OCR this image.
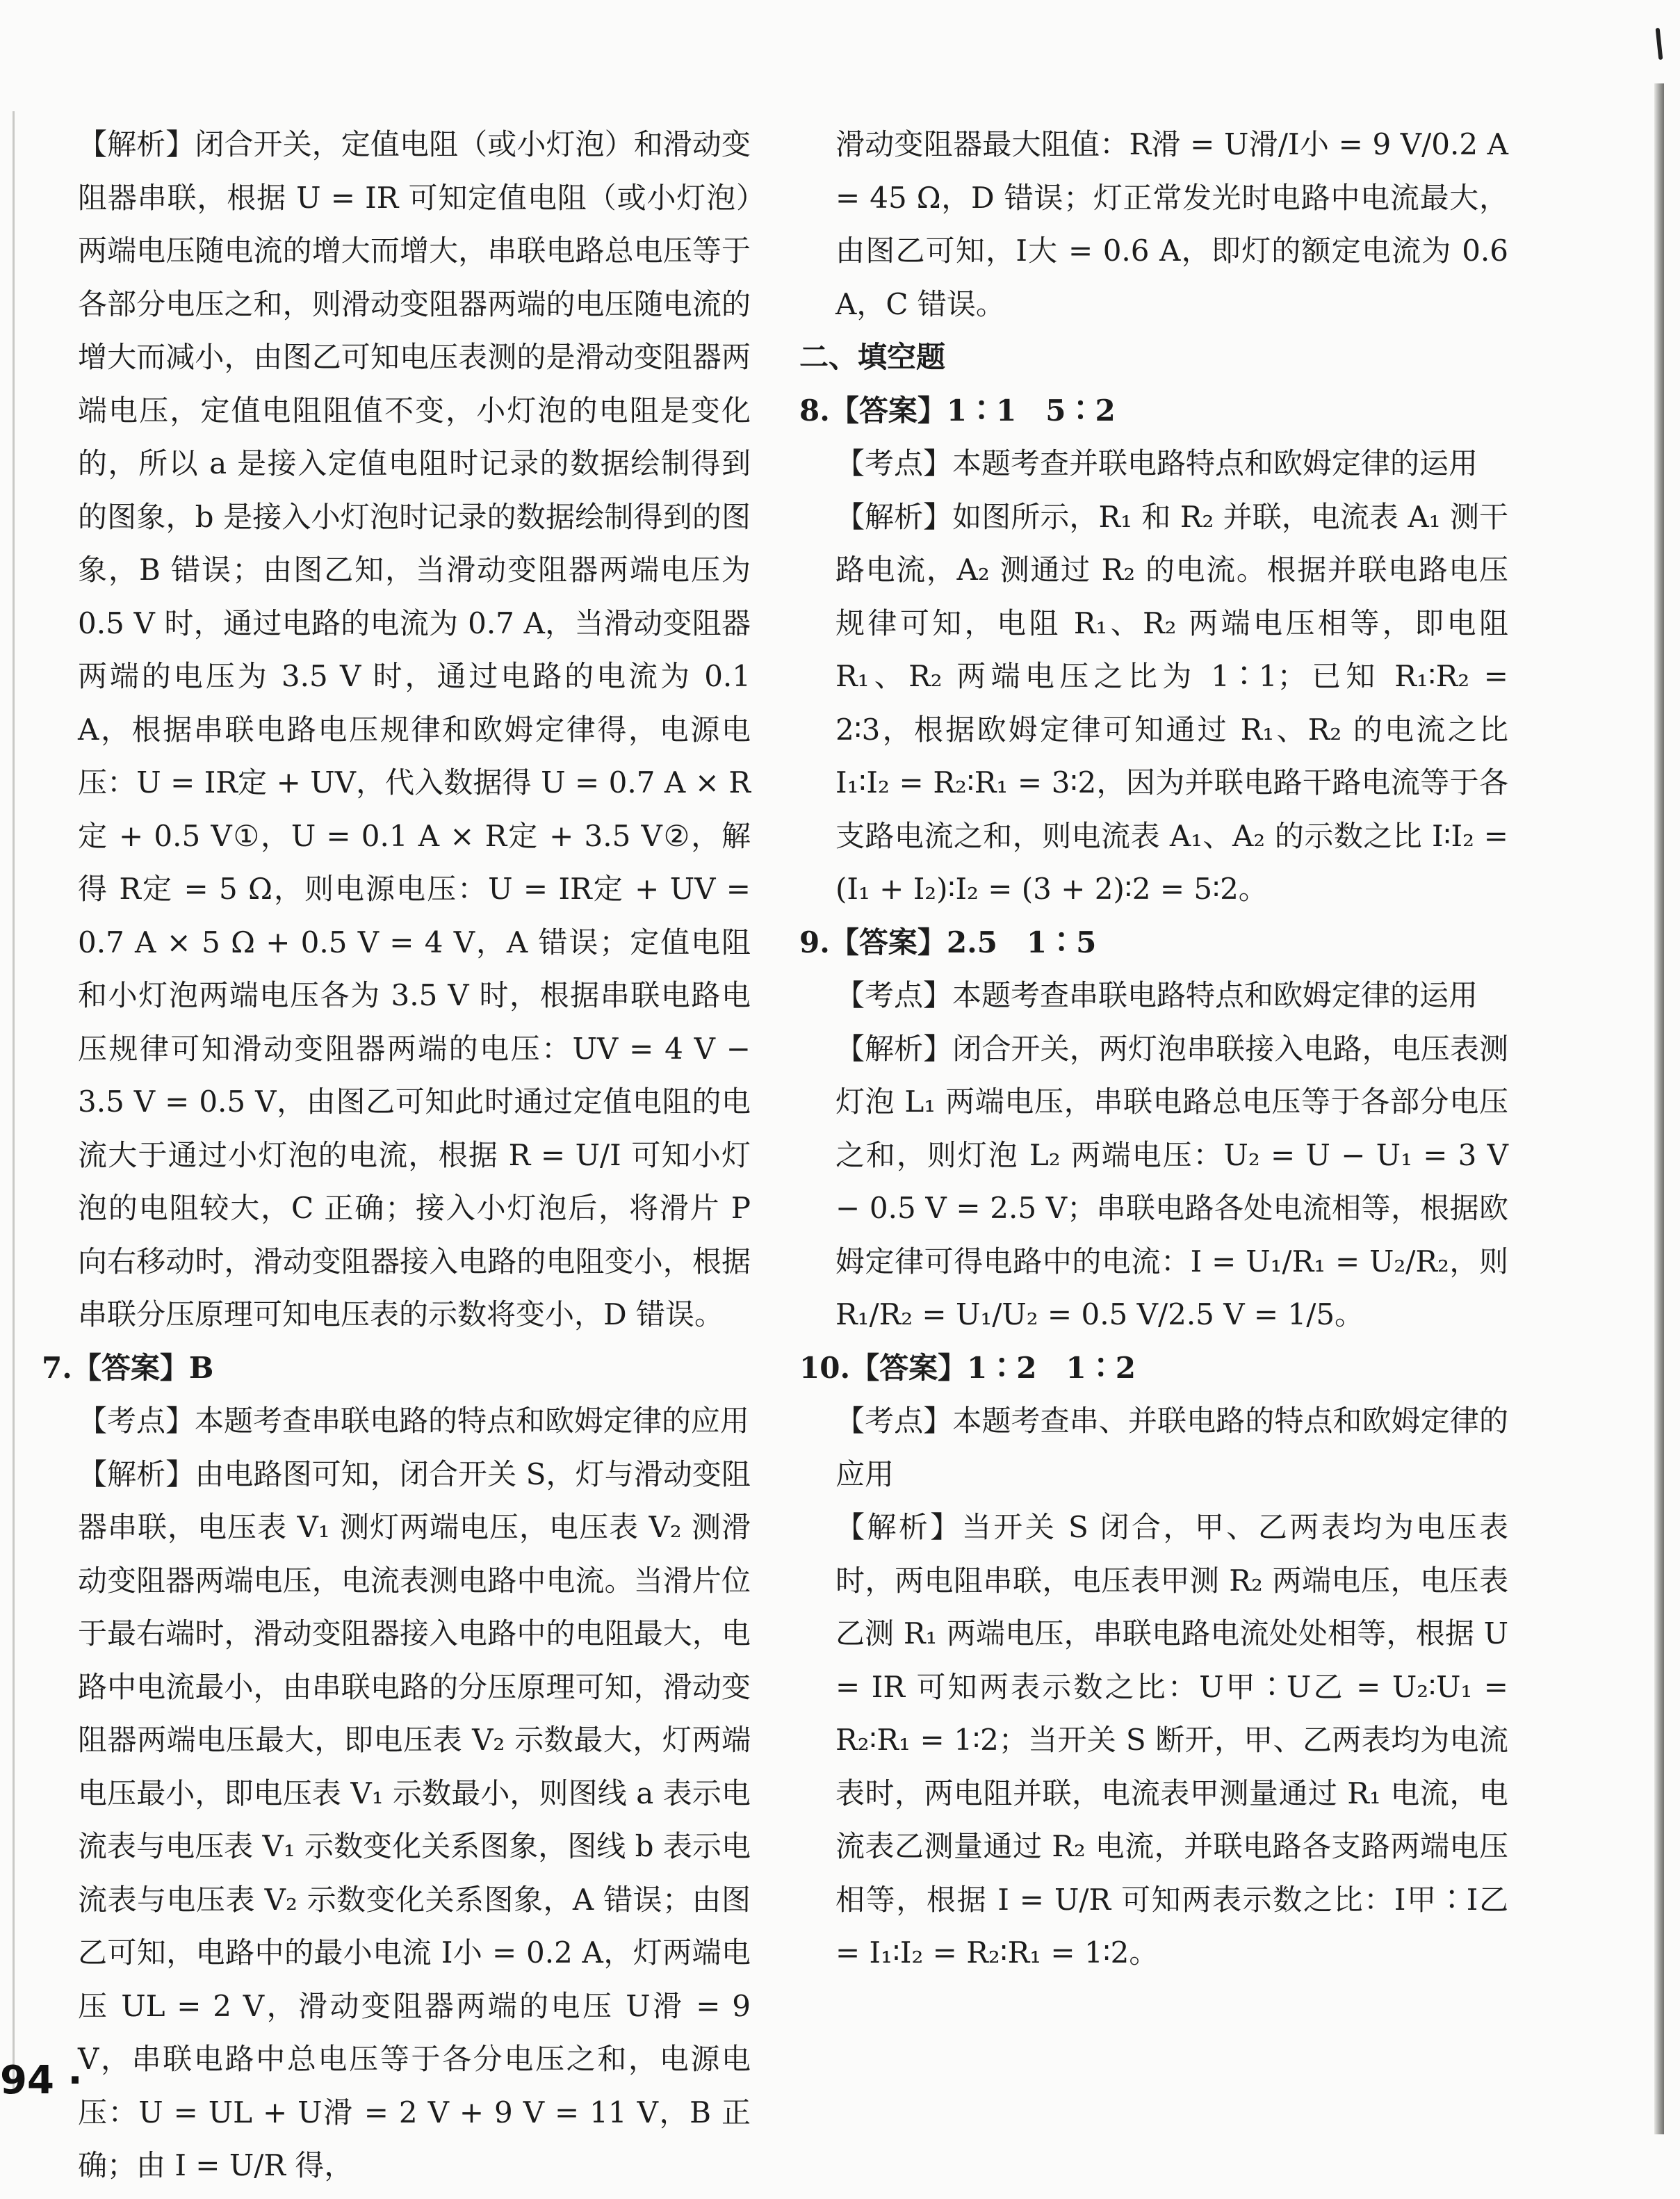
【解析】闭合开关，定值电阻（或小灯泡）和滑动变阻器串联，根据 U = IR 可知定值电阻（或小灯泡）两端电压随电流的增大而增大，串联电路总电压等于各部分电压之和，则滑动变阻器两端的电压随电流的增大而减小，由图乙可知电压表测的是滑动变阻器两端电压，定值电阻阻值不变，小灯泡的电阻是变化的，所以 a 是接入定值电阻时记录的数据绘制得到的图象，b 是接入小灯泡时记录的数据绘制得到的图象，B 错误；由图乙知，当滑动变阻器两端电压为 0.5 V 时，通过电路的电流为 0.7 A，当滑动变阻器两端的电压为 3.5 V 时，通过电路的电流为 0.1 A，根据串联电路电压规律和欧姆定律得，电源电压：U = IR定 + UV，代入数据得 U = 0.7 A × R定 + 0.5 V①，U = 0.1 A × R定 + 3.5 V②，解得 R定 = 5 Ω，则电源电压：U = IR定 + UV = 0.7 A × 5 Ω + 0.5 V = 4 V，A 错误；定值电阻和小灯泡两端电压各为 3.5 V 时，根据串联电路电压规律可知滑动变阻器两端的电压：UV = 4 V − 3.5 V = 0.5 V，由图乙可知此时通过定值电阻的电流大于通过小灯泡的电流，根据 R = U/I 可知小灯泡的电阻较大，C 正确；接入小灯泡后，将滑片 P 向右移动时，滑动变阻器接入电路的电阻变小，根据串联分压原理可知电压表的示数将变小，D 错误。

7.【答案】B

【考点】本题考查串联电路的特点和欧姆定律的应用

【解析】由电路图可知，闭合开关 S，灯与滑动变阻器串联，电压表 V₁ 测灯两端电压，电压表 V₂ 测滑动变阻器两端电压，电流表测电路中电流。当滑片位于最右端时，滑动变阻器接入电路中的电阻最大，电路中电流最小，由串联电路的分压原理可知，滑动变阻器两端电压最大，即电压表 V₂ 示数最大，灯两端电压最小，即电压表 V₁ 示数最小，则图线 a 表示电流表与电压表 V₁ 示数变化关系图象，图线 b 表示电流表与电压表 V₂ 示数变化关系图象，A 错误；由图乙可知，电路中的最小电流 I小 = 0.2 A，灯两端电压 UL = 2 V，滑动变阻器两端的电压 U滑 = 9 V，串联电路中总电压等于各分电压之和，电源电压：U = UL + U滑 = 2 V + 9 V = 11 V，B 正确；由 I = U/R 得，

滑动变阻器最大阻值：R滑 = U滑/I小 = 9 V/0.2 A = 45 Ω，D 错误；灯正常发光时电路中电流最大，由图乙可知，I大 = 0.6 A，即灯的额定电流为 0.6 A，C 错误。

二、填空题

8.【答案】1∶1　5∶2

【考点】本题考查并联电路特点和欧姆定律的运用

【解析】如图所示，R₁ 和 R₂ 并联，电流表 A₁ 测干路电流，A₂ 测通过 R₂ 的电流。根据并联电路电压规律可知，电阻 R₁、R₂ 两端电压相等，即电阻 R₁、R₂ 两端电压之比为 1∶1；已知 R₁∶R₂ = 2∶3，根据欧姆定律可知通过 R₁、R₂ 的电流之比 I₁∶I₂ = R₂∶R₁ = 3∶2，因为并联电路干路电流等于各支路电流之和，则电流表 A₁、A₂ 的示数之比 I∶I₂ = (I₁ + I₂)∶I₂ = (3 + 2)∶2 = 5∶2。

9.【答案】2.5　1∶5

【考点】本题考查串联电路特点和欧姆定律的运用

【解析】闭合开关，两灯泡串联接入电路，电压表测灯泡 L₁ 两端电压，串联电路总电压等于各部分电压之和，则灯泡 L₂ 两端电压：U₂ = U − U₁ = 3 V − 0.5 V = 2.5 V；串联电路各处电流相等，根据欧姆定律可得电路中的电流：I = U₁/R₁ = U₂/R₂，则 R₁/R₂ = U₁/U₂ = 0.5 V/2.5 V = 1/5。

10.【答案】1∶2　1∶2

【考点】本题考查串、并联电路的特点和欧姆定律的应用

【解析】当开关 S 闭合，甲、乙两表均为电压表时，两电阻串联，电压表甲测 R₂ 两端电压，电压表乙测 R₁ 两端电压，串联电路电流处处相等，根据 U = IR 可知两表示数之比：U甲∶U乙 = U₂∶U₁ = R₂∶R₁ = 1∶2；当开关 S 断开，甲、乙两表均为电流表时，两电阻并联，电流表甲测量通过 R₁ 电流，电流表乙测量通过 R₂ 电流，并联电路各支路两端电压相等，根据 I = U/R 可知两表示数之比：I甲∶I乙 = I₁∶I₂ = R₂∶R₁ = 1∶2。

94 ·
